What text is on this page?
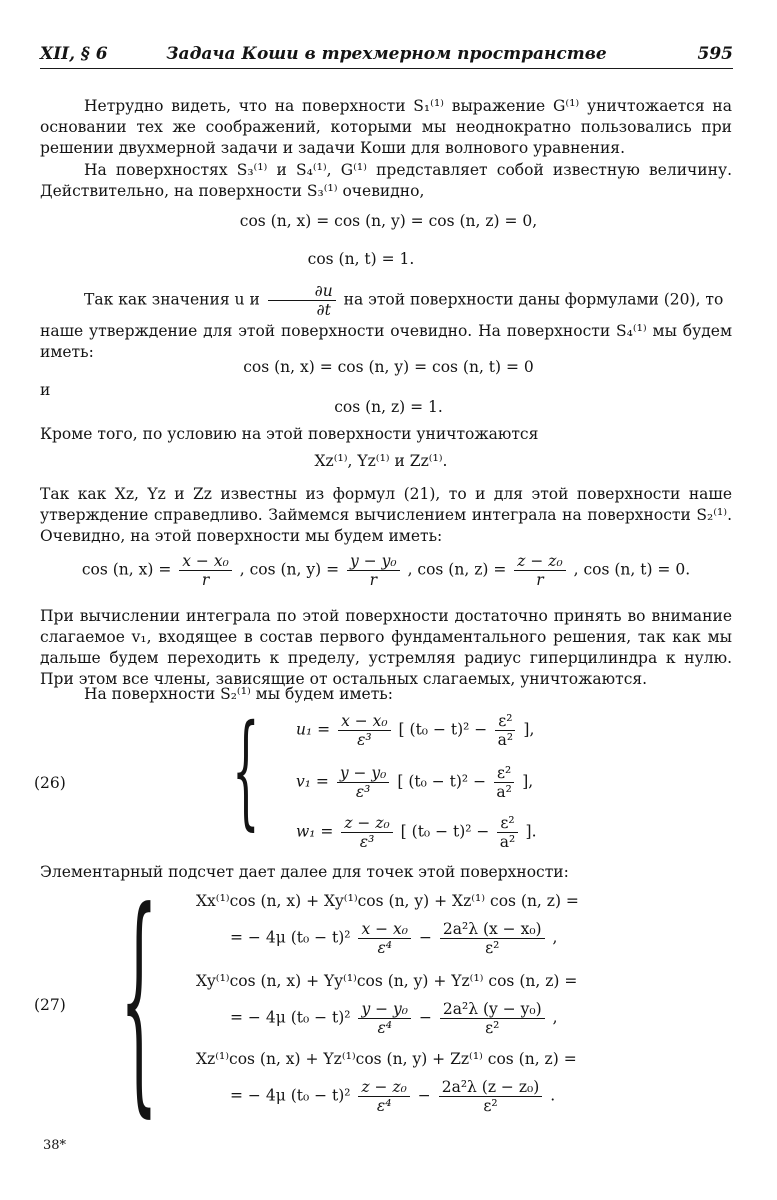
XII, § 6	Задача Коши в трехмерном пространстве	595
Нетрудно видеть, что на поверхности S₁⁽¹⁾ выражение G⁽¹⁾ уничтожается на основании тех же соображений, которыми мы неоднократно пользовались при решении двухмерной задачи и задачи Коши для волнового уравнения.
На поверхностях S₃⁽¹⁾ и S₄⁽¹⁾, G⁽¹⁾ представляет собой известную величину. Действительно, на поверхности S₃⁽¹⁾ очевидно,
cos (n, x) = cos (n, y) = cos (n, z) = 0,
cos (n, t) = 1.
Так как значения u и $\frac{\partial u}{\partial t}$ на этой поверхности даны формулами (20), то
наше утверждение для этой поверхности очевидно. На поверхности S₄⁽¹⁾ мы будем иметь:
cos (n, x) = cos (n, y) = cos (n, t) = 0
и
cos (n, z) = 1.
Кроме того, по условию на этой поверхности уничтожаются
Xz⁽¹⁾, Yz⁽¹⁾ и Zz⁽¹⁾.
Так как Xz, Yz и Zz известны из формул (21), то и для этой поверхности наше утверждение справедливо. Займемся вычислением интеграла на поверхности S₂⁽¹⁾. Очевидно, на этой поверхности мы будем иметь:
cos (n, $x) = \frac{\text{x − x₀}}{r}$ , cos (n, $y) = \frac{\text{y − y₀}}{r}$ , cos (n, $z) = \frac{\text{z − z₀}}{r}$ , cos (n, t) = 0.
При вычислении интеграла по этой поверхности достаточно принять во внимание слагаемое v₁, входящее в состав первого фундаментального решения, так как мы дальше будем переходить к пределу, устремляя радиус гиперцилиндра к нулю. При этом все члены, зависящие от остальных слагаемых, уничтожаются.
На поверхности S₂⁽¹⁾ мы будем иметь:
(26) { $u_1 = \frac{\text{x − x₀}}{\text{ε³}}$ [ $(t_0 - t)^2 - \frac{\text{ε²}}{\text{a²}}$ ],
$v_1 = \frac{\text{y − y₀}}{\text{ε³}}$ [ $(t_0 - t)^2 - \frac{\text{ε²}}{\text{a²}}$ ],
$w_1 = \frac{\text{z − z₀}}{\text{ε³}}$ [ $(t_0 - t)^2 - \frac{\text{ε²}}{\text{a²}}$ ].
Элементарный подсчет дает далее для точек этой поверхности:
(27) { Xx⁽¹⁾cos (n, x) + Xy⁽¹⁾cos (n, y) + Xz⁽¹⁾ cos (n, z) =
= − 4μ $(t_0 - t)^2 \frac{\text{x − x₀}}{\text{ε⁴}} - \frac{\text{2a²λ (x − x₀)}}{\text{ε²}}$ ,
Xy⁽¹⁾cos (n, x) + Yy⁽¹⁾cos (n, y) + Yz⁽¹⁾ cos (n, z) =
= − 4μ $(t_0 - t)^2 \frac{\text{y − y₀}}{\text{ε⁴}} - \frac{\text{2a²λ (y − y₀)}}{\text{ε²}}$ ,
Xz⁽¹⁾cos (n, x) + Yz⁽¹⁾cos (n, y) + Zz⁽¹⁾ cos (n, z) =
= − 4μ $(t_0 - t)^2 \frac{\text{z − z₀}}{\text{ε⁴}} - \frac{\text{2a²λ (z − z₀)}}{\text{ε²}}$ .
38*
